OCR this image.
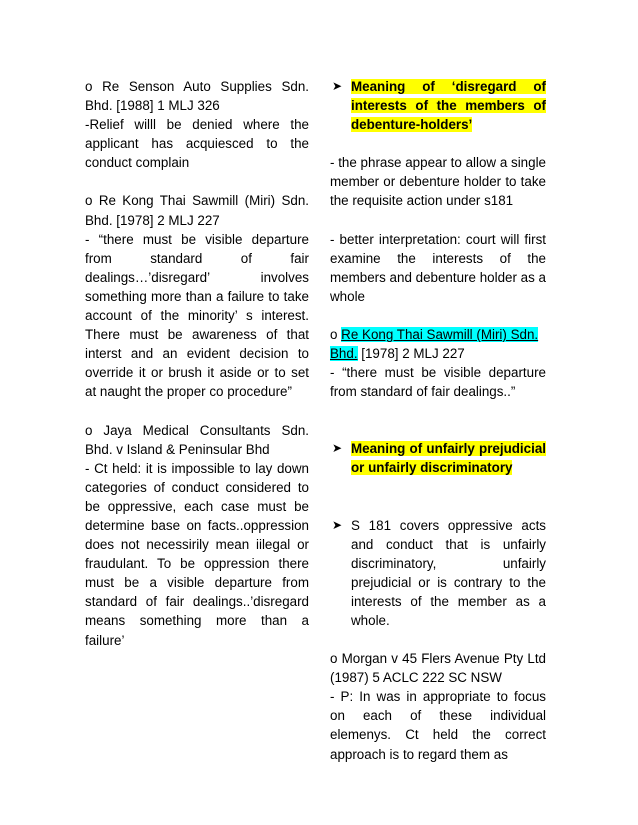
o Re Senson Auto Supplies Sdn. Bhd. [1988] 1 MLJ 326

-Relief willl be denied where the applicant has acquiesced to the conduct complain

o Re Kong Thai Sawmill (Miri) Sdn. Bhd. [1978] 2 MLJ 227

- “there must be visible departure from standard of fair dealings…’disregard’ involves something more than a failure to take account of the minority’ s interest. There must be awareness of that interst and an evident decision to override it or brush it aside or to set at naught the proper co procedure”

o Jaya Medical Consultants Sdn. Bhd. v Island & Peninsular Bhd

- Ct held: it is impossible to lay down categories of conduct considered to be oppressive, each case must be determine base on facts..oppression does not necessirily mean iilegal or fraudulant. To be oppression there must be a visible departure from standard of fair dealings..’disregard means something more than a failure’

➤ Meaning of ‘disregard of interests of the members of debenture-holders’

- the phrase appear to allow a single member or debenture holder to take the requisite action under s181

- better interpretation: court will first examine the interests of the members and debenture holder as a whole

o Re Kong Thai Sawmill (Miri) Sdn.
Bhd. [1978] 2 MLJ 227

- “there must be visible departure from standard of fair dealings..”

➤ Meaning of unfairly prejudicial or unfairly discriminatory

➤ S 181 covers oppressive acts and conduct that is unfairly discriminatory, unfairly prejudicial or is contrary to the interests of the member as a whole.

o Morgan v 45 Flers Avenue Pty Ltd (1987) 5 ACLC 222 SC NSW

- P: In was in appropriate to focus on each of these individual elemenys. Ct held the correct approach is to regard them as
